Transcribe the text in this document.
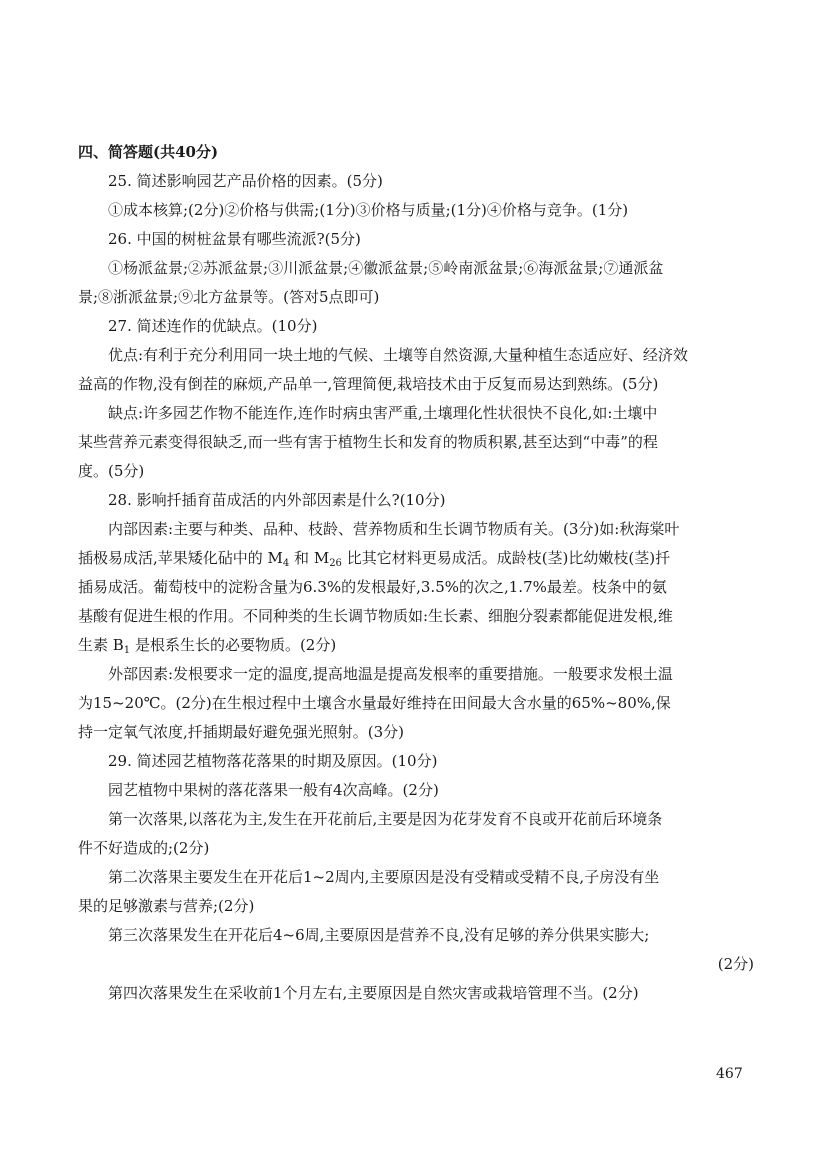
四、简答题(共40分)
25. 简述影响园艺产品价格的因素。(5分)
①成本核算;(2分)②价格与供需;(1分)③价格与质量;(1分)④价格与竞争。(1分)
26. 中国的树桩盆景有哪些流派?(5分)
①杨派盆景;②苏派盆景;③川派盆景;④徽派盆景;⑤岭南派盆景;⑥海派盆景;⑦通派盆
景;⑧浙派盆景;⑨北方盆景等。(答对5点即可)
27. 简述连作的优缺点。(10分)
优点:有利于充分利用同一块土地的气候、土壤等自然资源,大量种植生态适应好、经济效
益高的作物,没有倒茬的麻烦,产品单一,管理简便,栽培技术由于反复而易达到熟练。(5分)
缺点:许多园艺作物不能连作,连作时病虫害严重,土壤理化性状很快不良化,如:土壤中
某些营养元素变得很缺乏,而一些有害于植物生长和发育的物质积累,甚至达到“中毒”的程
度。(5分)
28. 影响扦插育苗成活的内外部因素是什么?(10分)
内部因素:主要与种类、品种、枝龄、营养物质和生长调节物质有关。(3分)如:秋海棠叶
插极易成活,苹果矮化砧中的 $M_4$ 和 $M_{26}$ 比其它材料更易成活。成龄枝(茎)比幼嫩枝(茎)扦
插易成活。葡萄枝中的淀粉含量为6.3%的发根最好,3.5%的次之,1.7%最差。枝条中的氨
基酸有促进生根的作用。不同种类的生长调节物质如:生长素、细胞分裂素都能促进发根,维
生素 $B_1$ 是根系生长的必要物质。(2分)
外部因素:发根要求一定的温度,提高地温是提高发根率的重要措施。一般要求发根土温
为15~20℃。(2分)在生根过程中土壤含水量最好维持在田间最大含水量的65%~80%,保
持一定氧气浓度,扦插期最好避免强光照射。(3分)
29. 简述园艺植物落花落果的时期及原因。(10分)
园艺植物中果树的落花落果一般有4次高峰。(2分)
第一次落果,以落花为主,发生在开花前后,主要是因为花芽发育不良或开花前后环境条
件不好造成的;(2分)
第二次落果主要发生在开花后1~2周内,主要原因是没有受精或受精不良,子房没有坐
果的足够激素与营养;(2分)
第三次落果发生在开花后4~6周,主要原因是营养不良,没有足够的养分供果实膨大;
(2分)
第四次落果发生在采收前1个月左右,主要原因是自然灾害或栽培管理不当。(2分)
467
